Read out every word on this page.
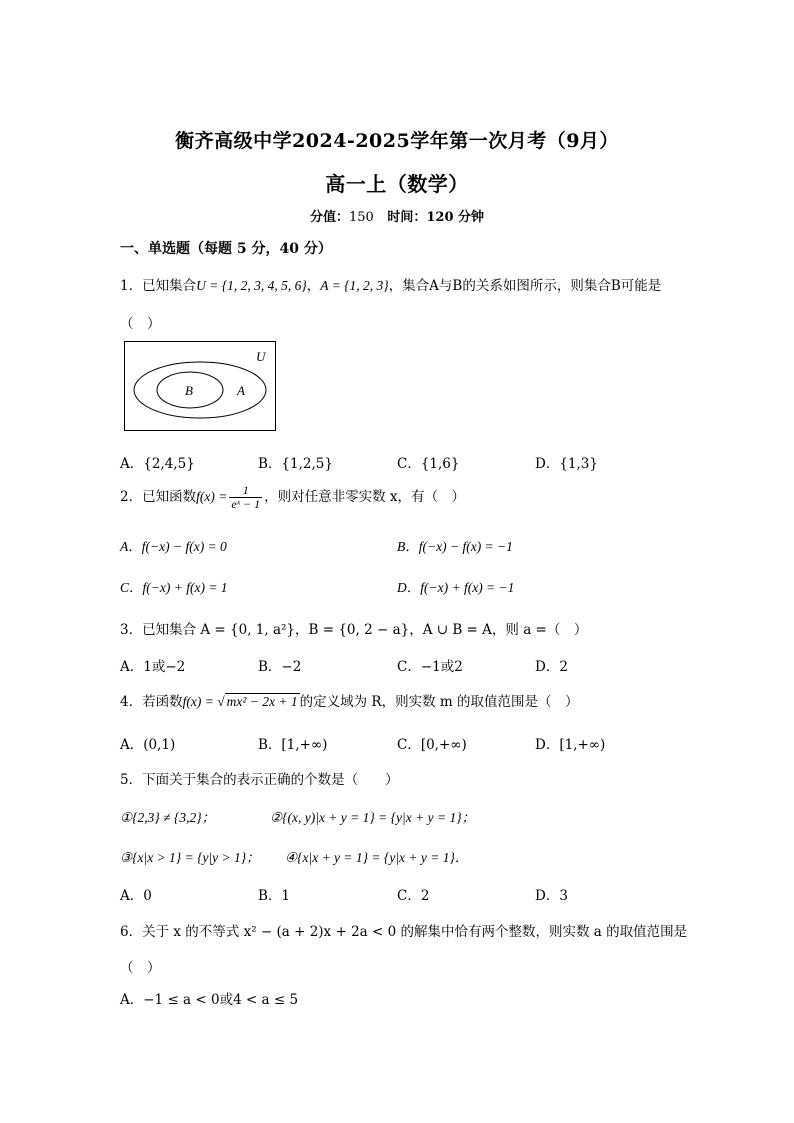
衡齐高级中学2024-2025学年第一次月考（9月）
高一上（数学）
分值：150 时间：120 分钟
一、单选题（每题 5 分，40 分）
1．已知集合U = {1, 2, 3, 4, 5, 6}，A = {1, 2, 3}，集合A与B的关系如图所示，则集合B可能是
（　）
U
B	A
A．{2,4,5}	B．{1,2,5}	C．{1,6}	D．{1,3}
2．已知函数$f(x) = \frac{1}{\text{eˣ − 1}}$ ，则对任意非零实数 x，有（　）
A．f(−x) − f(x) = 0	B．f(−x) − f(x) = −1
C．f(−x) + f(x) = 1	D．f(−x) + f(x) = −1
3．已知集合 A = {0, 1, a²}，B = {0, 2 − a}，A ∪ B = A，则 a =（　）
A．1或−2	B．−2	C．−1或2	D．2
4．若函数f(x) = √ mx² − 2x + 1 的定义域为 R，则实数 m 的取值范围是（　）
A．(0,1)	B．[1,+∞)	C．[0,+∞)	D．[1,+∞)
5．下面关于集合的表示正确的个数是（　　）
①{2,3} ≠ {3,2}；	②{(x, y)|x + y = 1} = {y|x + y = 1}；
③{x|x > 1} = {y|y > 1}； ④{x|x + y = 1} = {y|x + y = 1}．
A．0	B．1	C．2	D．3
6．关于 x 的不等式 x² − (a + 2)x + 2a < 0 的解集中恰有两个整数，则实数 a 的取值范围是
（　）
A．−1 ≤ a < 0或4 < a ≤ 5
